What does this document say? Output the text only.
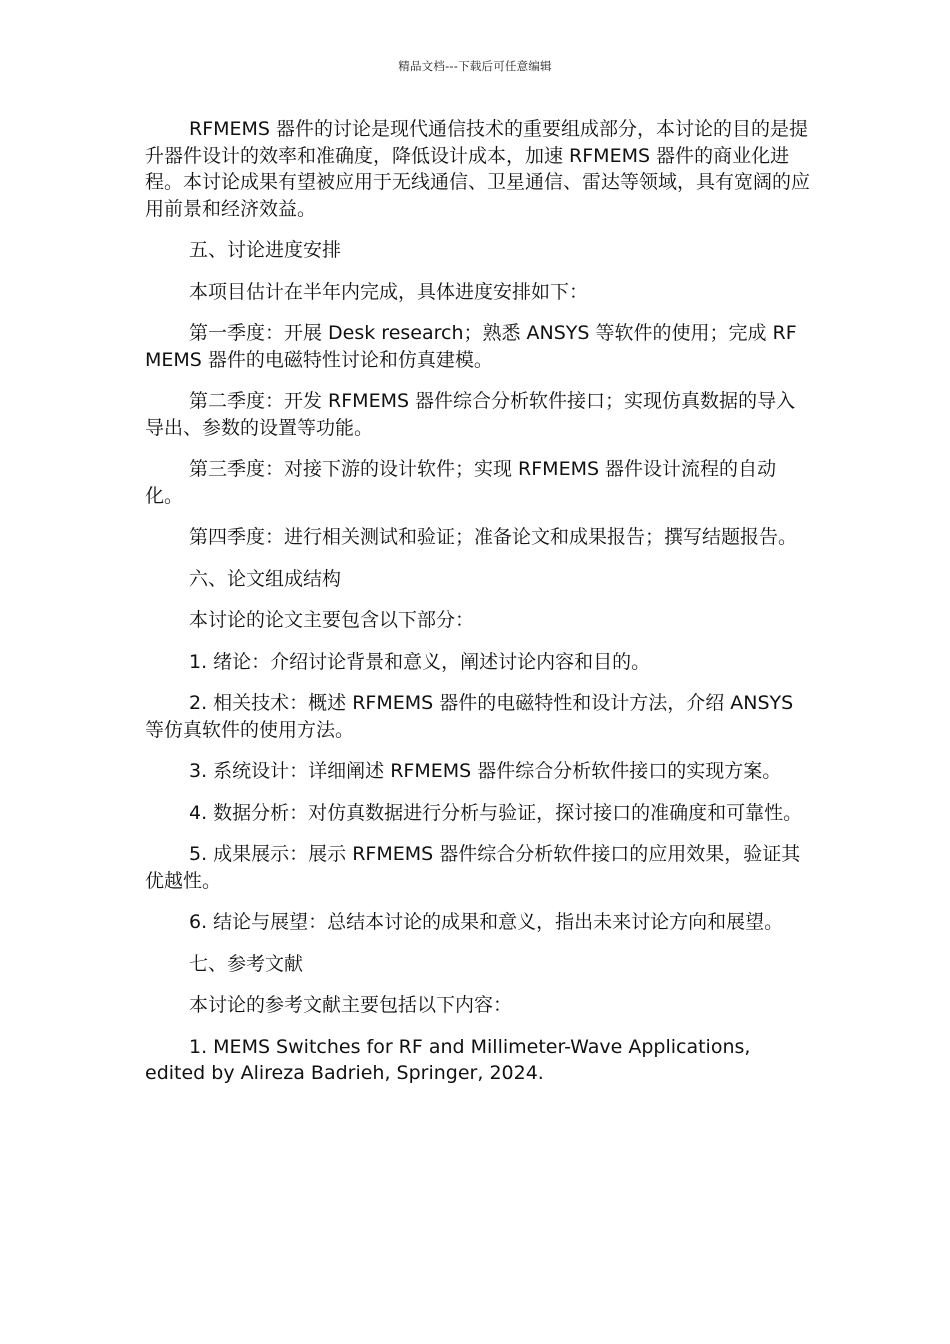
精品文档---下载后可任意编辑

RFMEMS 器件的讨论是现代通信技术的重要组成部分，本讨论的目的是提升器件设计的效率和准确度，降低设计成本，加速 RFMEMS 器件的商业化进程。本讨论成果有望被应用于无线通信、卫星通信、雷达等领域，具有宽阔的应用前景和经济效益。

五、讨论进度安排

本项目估计在半年内完成，具体进度安排如下：

第一季度：开展 Desk research；熟悉 ANSYS 等软件的使用；完成 RFMEMS 器件的电磁特性讨论和仿真建模。

第二季度：开发 RFMEMS 器件综合分析软件接口；实现仿真数据的导入导出、参数的设置等功能。

第三季度：对接下游的设计软件；实现 RFMEMS 器件设计流程的自动化。

第四季度：进行相关测试和验证；准备论文和成果报告；撰写结题报告。

六、论文组成结构

本讨论的论文主要包含以下部分：

1. 绪论：介绍讨论背景和意义，阐述讨论内容和目的。

2. 相关技术：概述 RFMEMS 器件的电磁特性和设计方法，介绍 ANSYS 等仿真软件的使用方法。

3. 系统设计：详细阐述 RFMEMS 器件综合分析软件接口的实现方案。

4. 数据分析：对仿真数据进行分析与验证，探讨接口的准确度和可靠性。

5. 成果展示：展示 RFMEMS 器件综合分析软件接口的应用效果，验证其优越性。

6. 结论与展望：总结本讨论的成果和意义，指出未来讨论方向和展望。

七、参考文献

本讨论的参考文献主要包括以下内容：

1. MEMS Switches for RF and Millimeter-Wave Applications, edited by Alireza Badrieh, Springer, 2024.
